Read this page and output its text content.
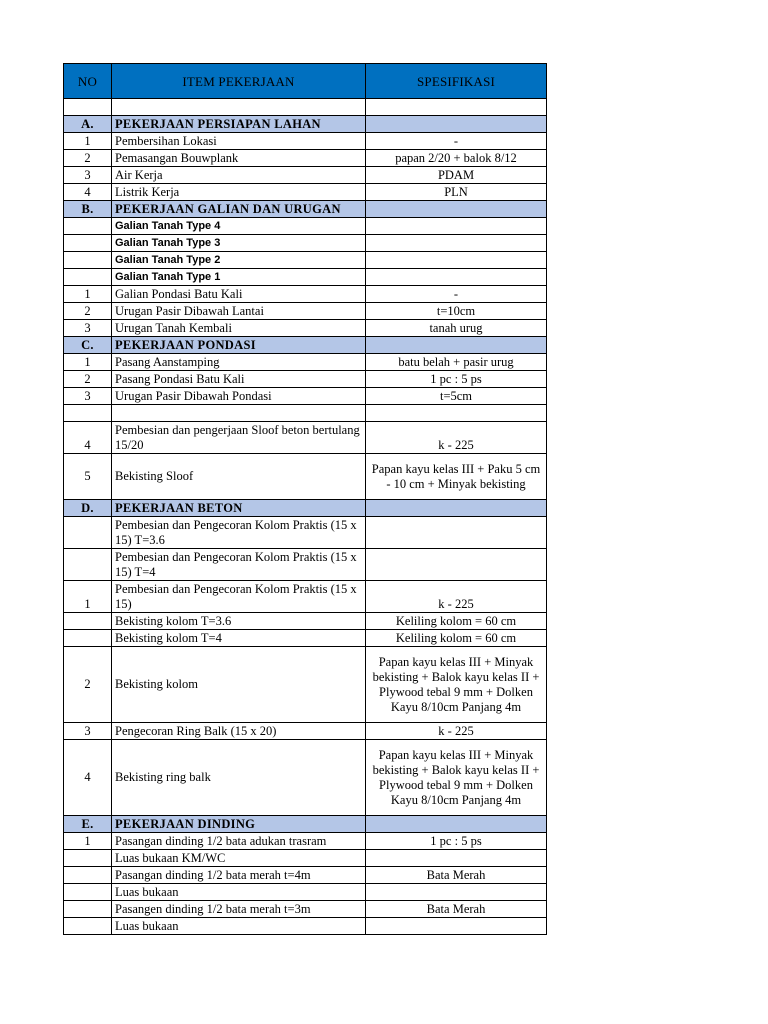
NO	ITEM PEKERJAAN	SPESIFIKASI

A.	PEKERJAAN PERSIAPAN LAHAN	
1	Pembersihan Lokasi	-
2	Pemasangan Bouwplank	papan 2/20 + balok 8/12
3	Air Kerja	PDAM
4	Listrik Kerja	PLN
B.	PEKERJAAN GALIAN DAN URUGAN	
	Galian Tanah Type 4	
	Galian Tanah Type 3	
	Galian Tanah Type 2	
	Galian Tanah Type 1	
1	Galian Pondasi Batu Kali	-
2	Urugan Pasir Dibawah Lantai	t=10cm
3	Urugan Tanah Kembali	tanah urug
C.	PEKERJAAN PONDASI	
1	Pasang Aanstamping	batu belah + pasir urug
2	Pasang Pondasi Batu Kali	1 pc : 5 ps
3	Urugan Pasir Dibawah Pondasi	t=5cm

4	Pembesian dan pengerjaan Sloof beton bertulang 15/20	k - 225
5	Bekisting Sloof	Papan kayu kelas III + Paku 5 cm - 10 cm + Minyak bekisting
D.	PEKERJAAN BETON	
	Pembesian dan Pengecoran Kolom Praktis (15 x 15) T=3.6	
	Pembesian dan Pengecoran Kolom Praktis (15 x 15) T=4	
1	Pembesian dan Pengecoran Kolom Praktis (15 x 15)	k - 225
	Bekisting kolom T=3.6	Keliling kolom = 60 cm
	Bekisting kolom T=4	Keliling kolom = 60 cm
2	Bekisting kolom	Papan kayu kelas III + Minyak bekisting + Balok kayu kelas II + Plywood tebal 9 mm + Dolken Kayu 8/10cm Panjang 4m
3	Pengecoran Ring Balk (15 x 20)	k - 225
4	Bekisting ring balk	Papan kayu kelas III + Minyak bekisting + Balok kayu kelas II + Plywood tebal 9 mm + Dolken Kayu 8/10cm Panjang 4m
E.	PEKERJAAN DINDING	
1	Pasangan dinding 1/2 bata adukan trasram	1 pc : 5 ps
	Luas bukaan KM/WC	
	Pasangan dinding 1/2 bata merah t=4m	Bata Merah
	Luas bukaan	
	Pasangen dinding 1/2 bata merah t=3m	Bata Merah
	Luas bukaan	
